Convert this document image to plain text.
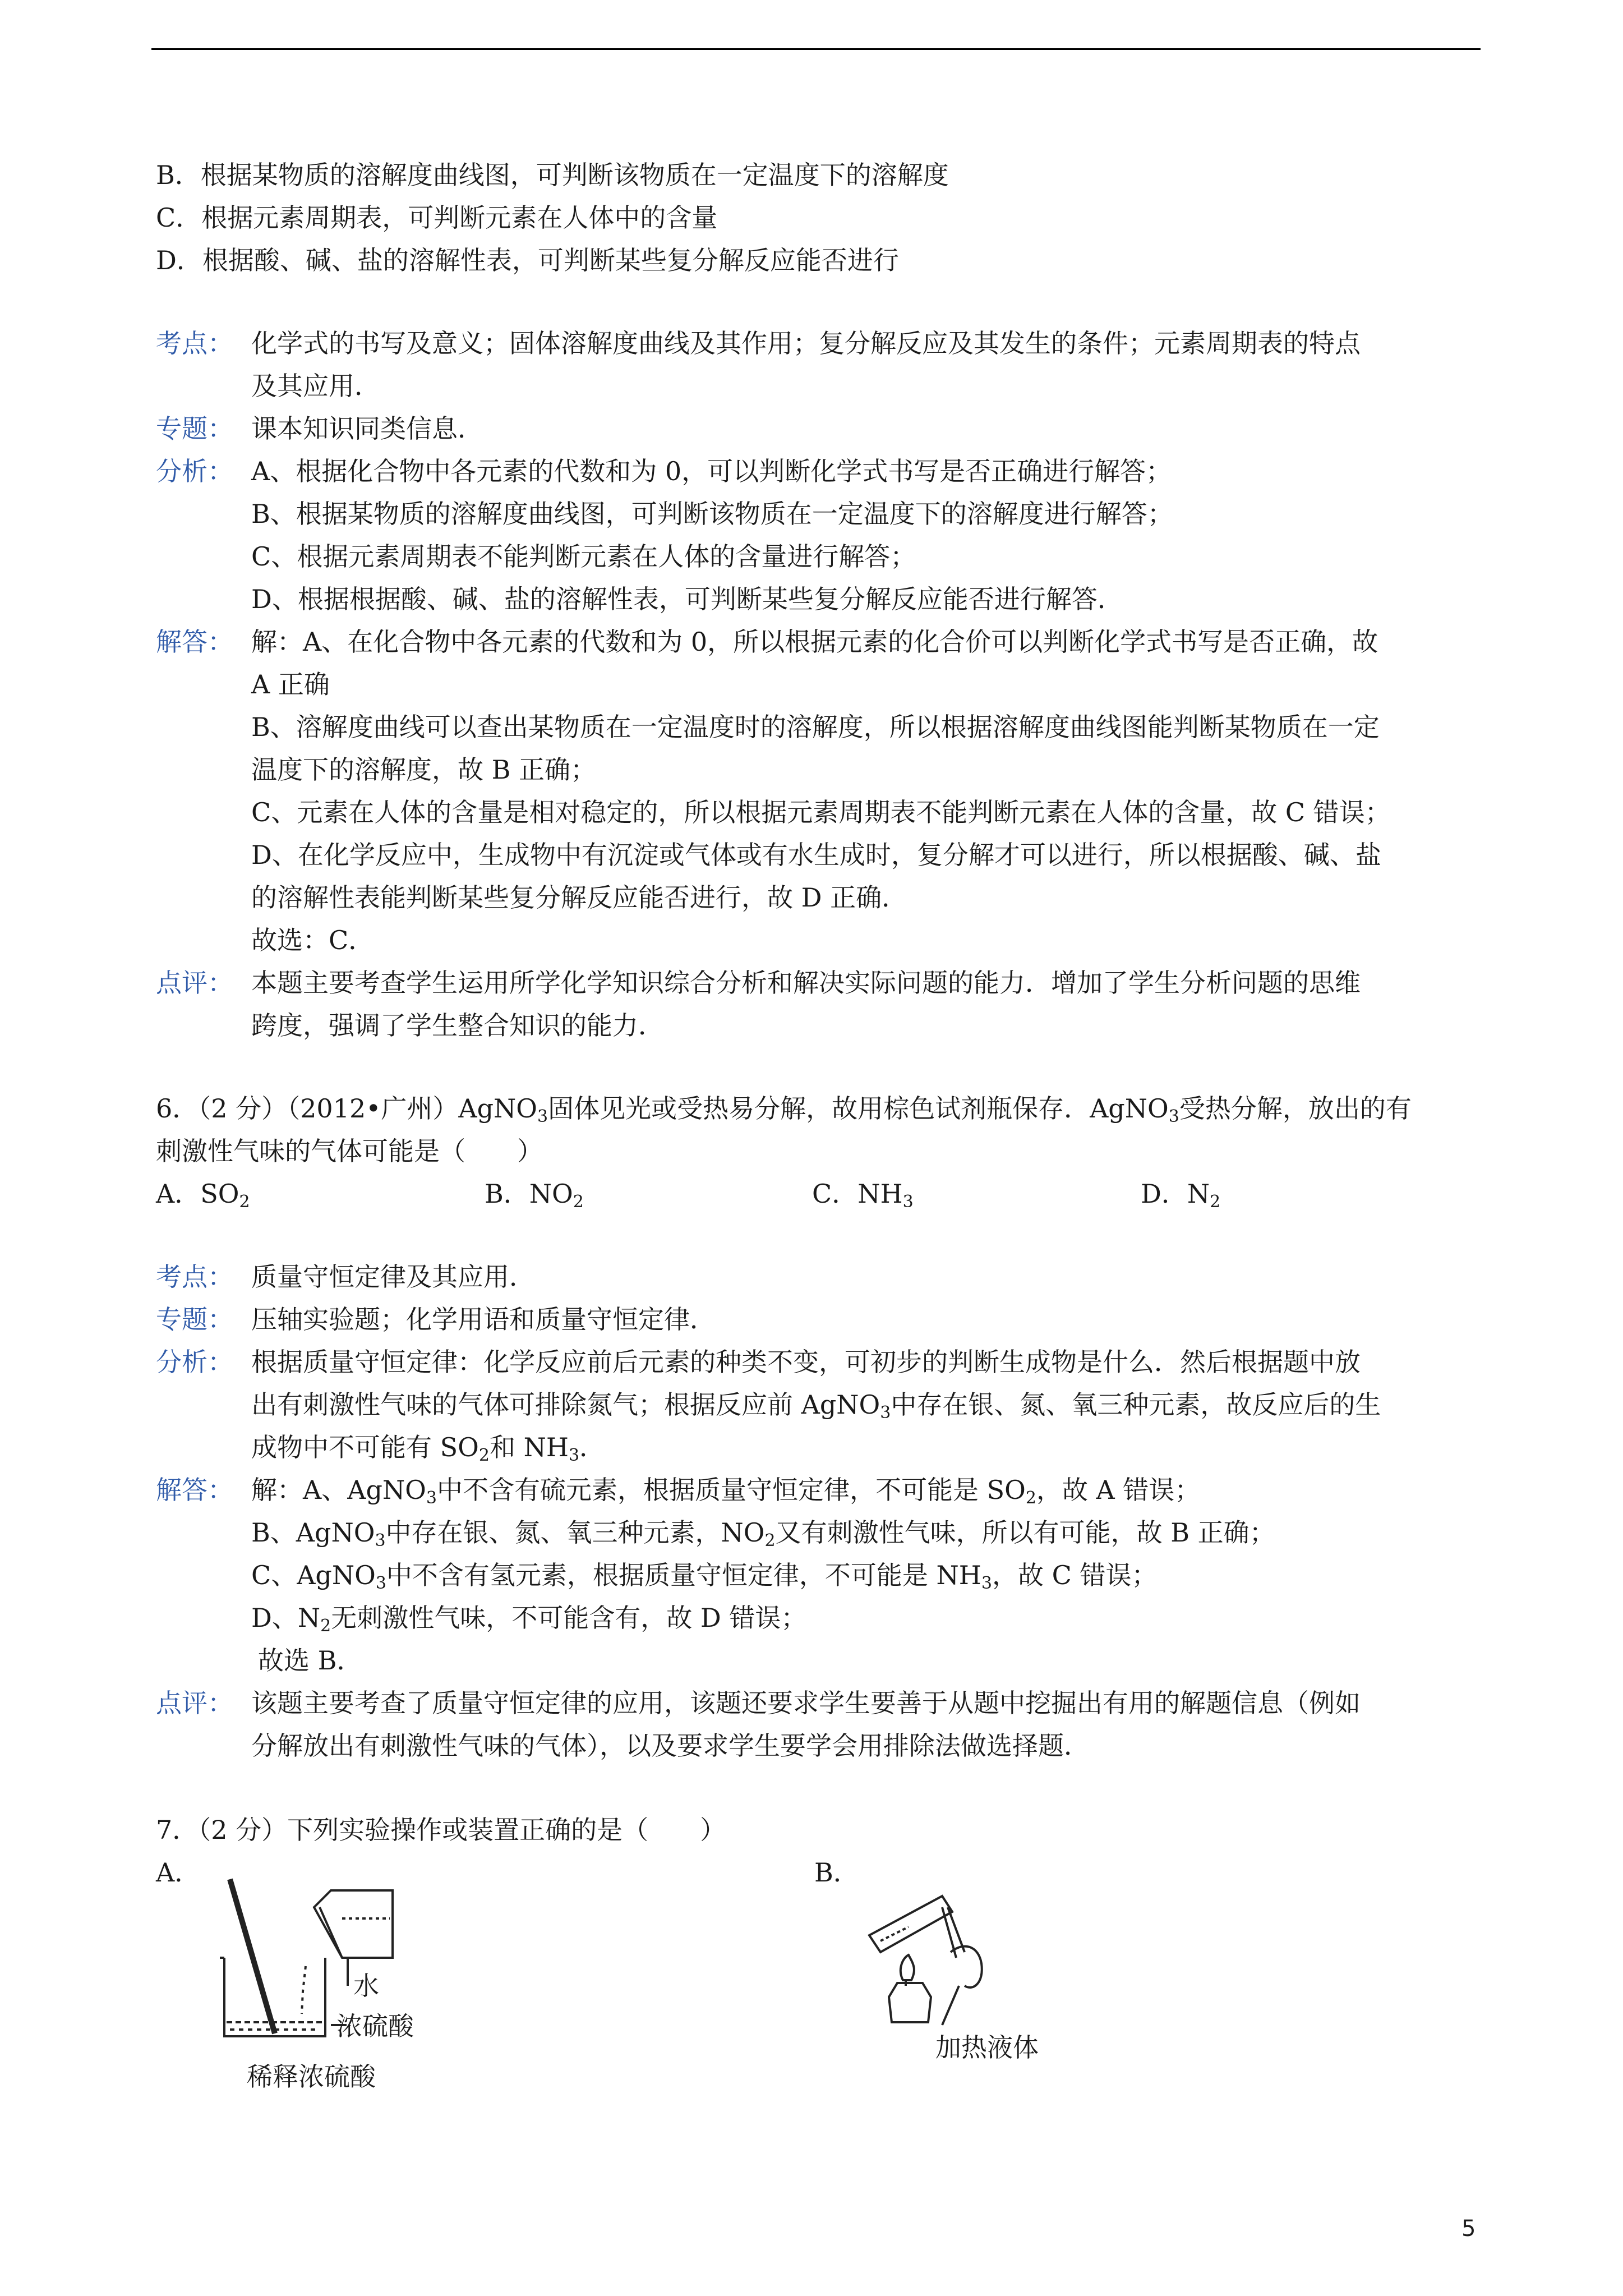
B．根据某物质的溶解度曲线图，可判断该物质在一定温度下的溶解度
C．根据元素周期表，可判断元素在人体中的含量
D．根据酸、碱、盐的溶解性表，可判断某些复分解反应能否进行
考点： 化学式的书写及意义；固体溶解度曲线及其作用；复分解反应及其发生的条件；元素周期表的特点
及其应用．
专题： 课本知识同类信息．
分析： A、根据化合物中各元素的代数和为 0，可以判断化学式书写是否正确进行解答；
B、根据某物质的溶解度曲线图，可判断该物质在一定温度下的溶解度进行解答；
C、根据元素周期表不能判断元素在人体的含量进行解答；
D、根据根据酸、碱、盐的溶解性表，可判断某些复分解反应能否进行解答．
解答： 解：A、在化合物中各元素的代数和为 0，所以根据元素的化合价可以判断化学式书写是否正确，故
A 正确
B、溶解度曲线可以查出某物质在一定温度时的溶解度，所以根据溶解度曲线图能判断某物质在一定
温度下的溶解度，故 B 正确；
C、元素在人体的含量是相对稳定的，所以根据元素周期表不能判断元素在人体的含量，故 C 错误；
D、在化学反应中，生成物中有沉淀或气体或有水生成时，复分解才可以进行，所以根据酸、碱、盐
的溶解性表能判断某些复分解反应能否进行，故 D 正确．
故选：C．
点评： 本题主要考查学生运用所学化学知识综合分析和解决实际问题的能力．增加了学生分析问题的思维
跨度，强调了学生整合知识的能力．
6．（2 分）（2012•广州）AgNO$_3$固体见光或受热易分解，故用棕色试剂瓶保存．AgNO$_3$受热分解，放出的有
刺激性气味的气体可能是（　　）
A．$SO_2$	B．$NO_2$	C．$NH_3$	D．$N_2$
考点： 质量守恒定律及其应用．
专题： 压轴实验题；化学用语和质量守恒定律．
分析： 根据质量守恒定律：化学反应前后元素的种类不变，可初步的判断生成物是什么．然后根据题中放
出有刺激性气味的气体可排除氮气；根据反应前 AgNO$_3$中存在银、氮、氧三种元素，故反应后的生
成物中不可能有 $SO_2$和 $NH_3$．
解答： 解：A、AgNO$_3$中不含有硫元素，根据质量守恒定律，不可能是 $SO_2$，故 A 错误；
B、AgNO$_3$中存在银、氮、氧三种元素，$NO_2$又有刺激性气味，所以有可能，故 B 正确；
C、AgNO$_3$中不含有氢元素，根据质量守恒定律，不可能是 $NH_3$，故 C 错误；
D、$N_2$无刺激性气味，不可能含有，故 D 错误；
故选 B．
点评： 该题主要考查了质量守恒定律的应用，该题还要求学生要善于从题中挖掘出有用的解题信息（例如
分解放出有刺激性气味的气体），以及要求学生要学会用排除法做选择题．
7．（2 分）下列实验操作或装置正确的是（　　）
A．	B．
水
浓硫酸
稀释浓硫酸
加热液体
5
